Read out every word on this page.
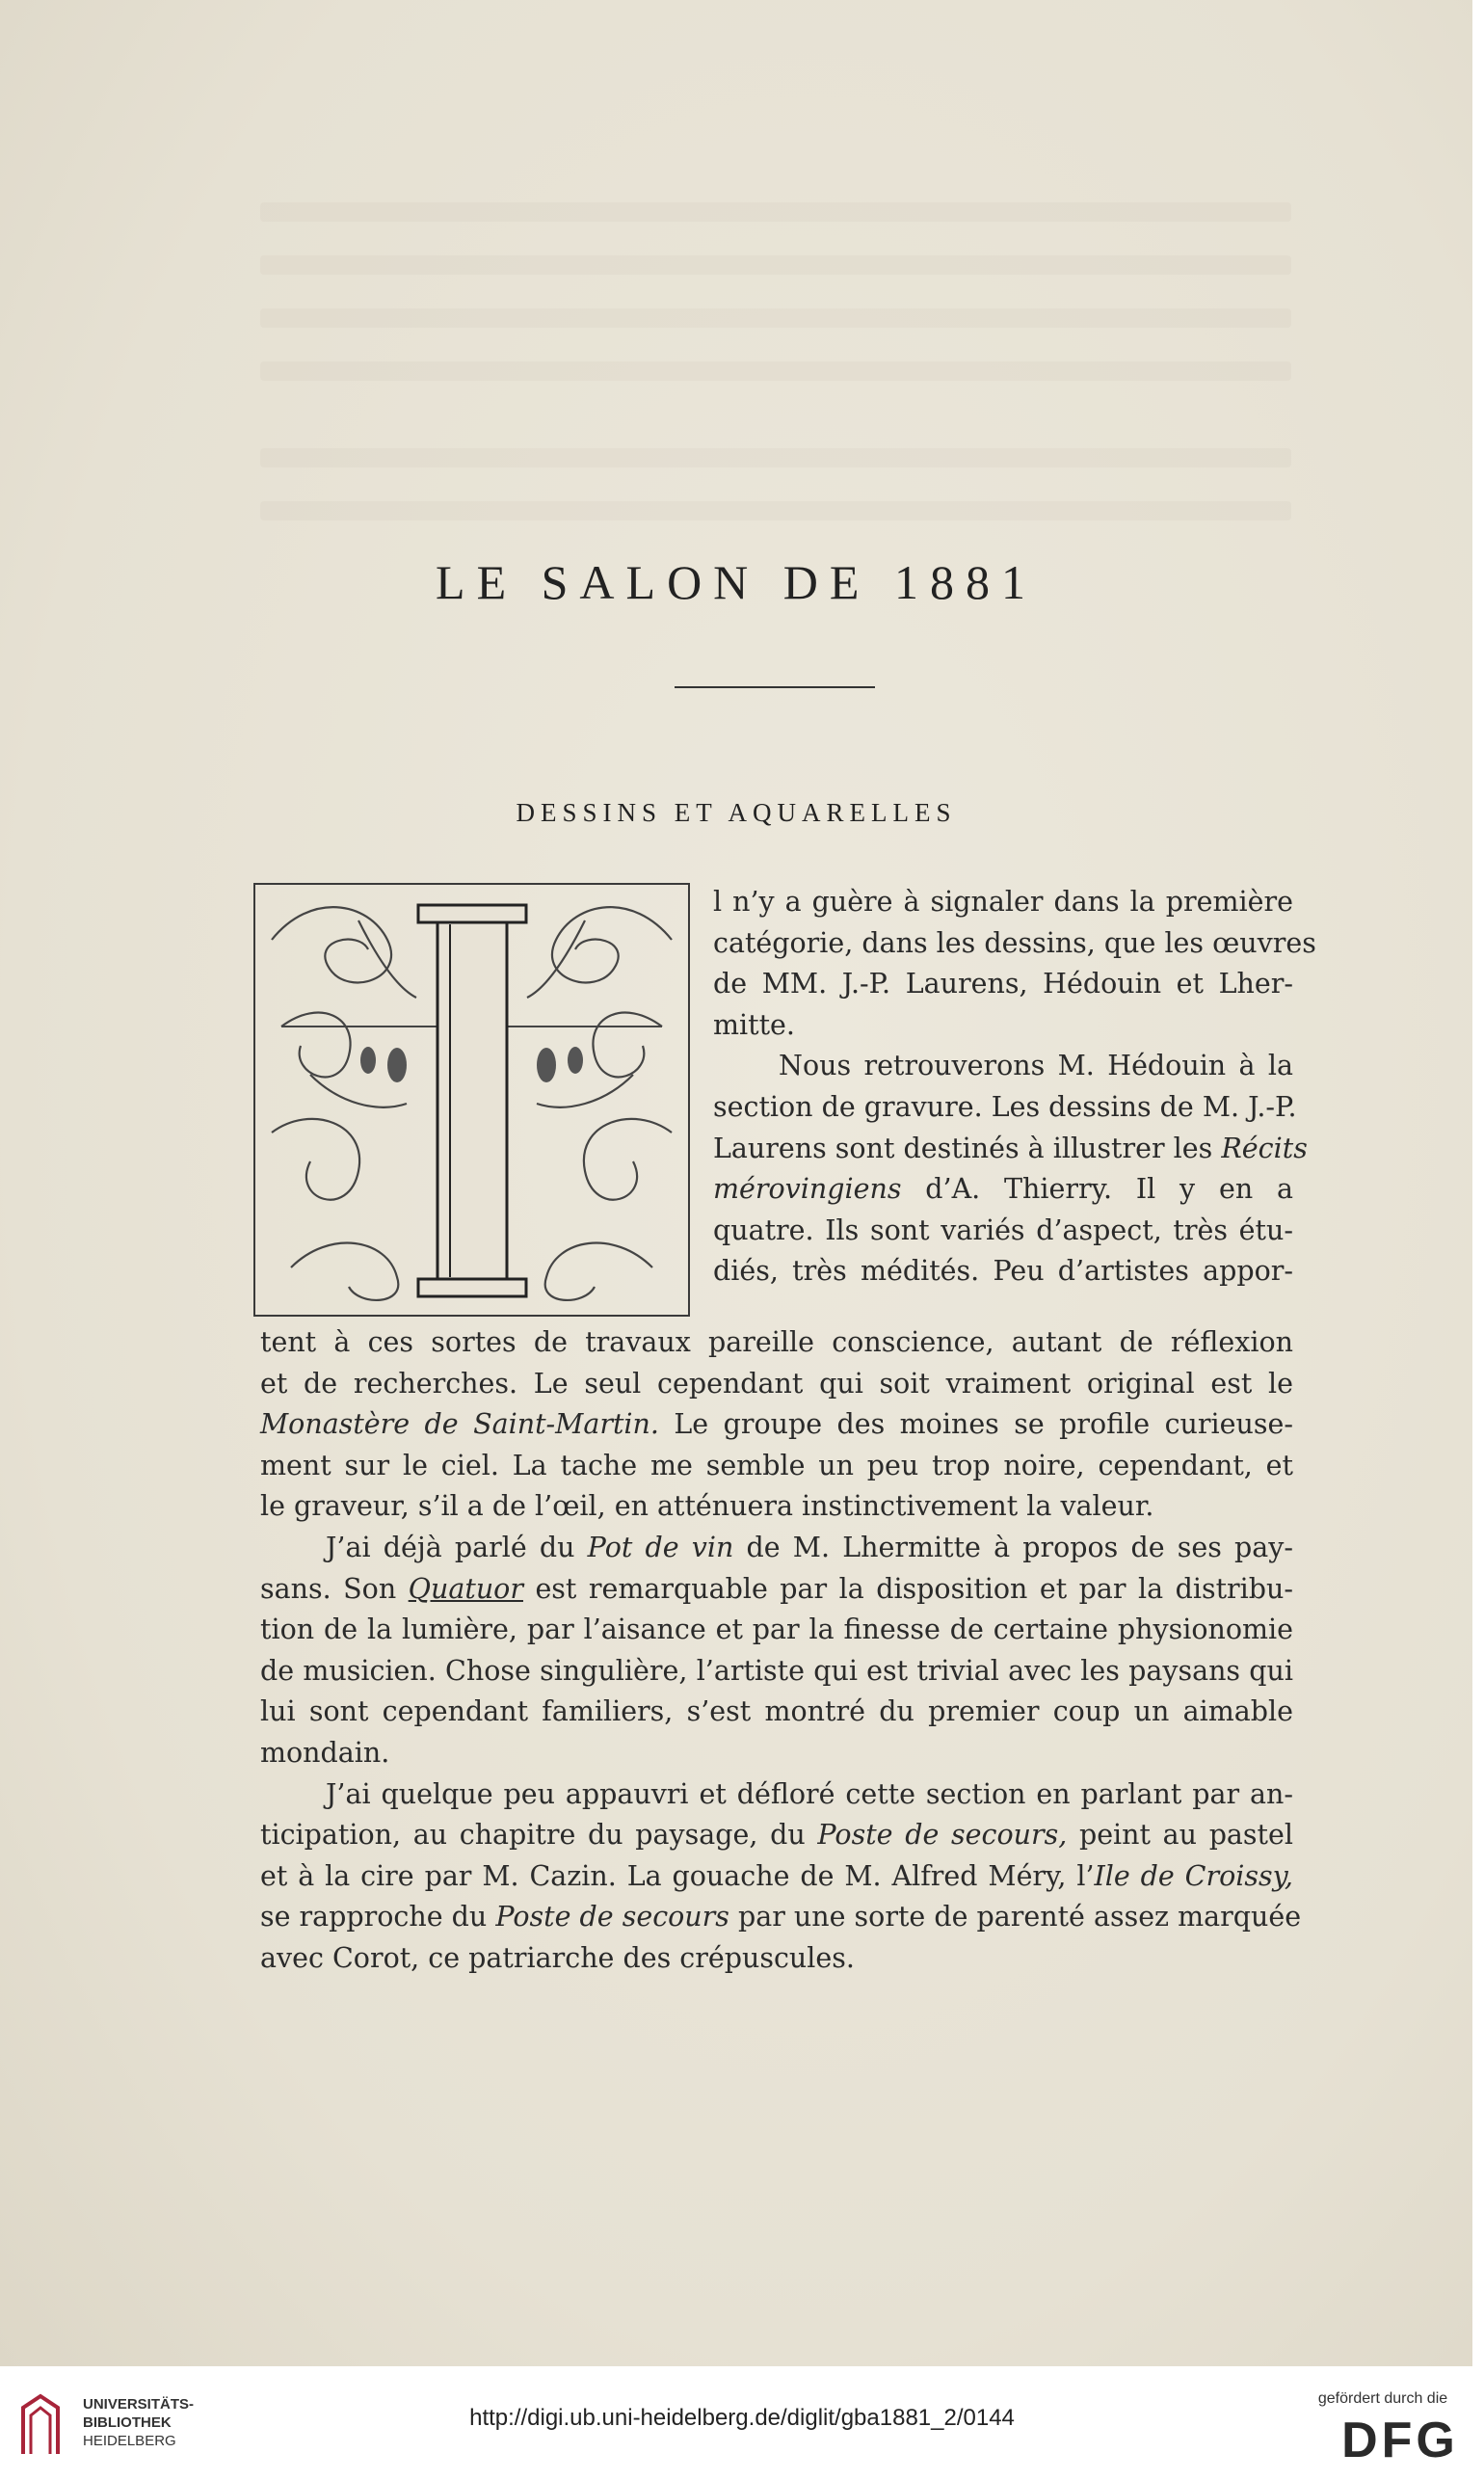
LE SALON DE 1881
DESSINS ET AQUARELLES
l n’y a guère à signaler dans la première
catégorie, dans les dessins, que les œuvres
de MM. J.-P. Laurens, Hédouin et Lher-
mitte.
Nous retrouverons M. Hédouin à la
section de gravure. Les dessins de M. J.-P.
Laurens sont destinés à illustrer les Récits
mérovingiens d’A. Thierry. Il y en a
quatre. Ils sont variés d’aspect, très étu-
diés, très médités. Peu d’artistes appor-
tent à ces sortes de travaux pareille conscience, autant de réflexion
et de recherches. Le seul cependant qui soit vraiment original est le
Monastère de Saint-Martin. Le groupe des moines se profile curieuse-
ment sur le ciel. La tache me semble un peu trop noire, cependant, et
le graveur, s’il a de l’œil, en atténuera instinctivement la valeur.
J’ai déjà parlé du Pot de vin de M. Lhermitte à propos de ses pay-
sans. Son Quatuor est remarquable par la disposition et par la distribu-
tion de la lumière, par l’aisance et par la finesse de certaine physionomie
de musicien. Chose singulière, l’artiste qui est trivial avec les paysans qui
lui sont cependant familiers, s’est montré du premier coup un aimable
mondain.
J’ai quelque peu appauvri et défloré cette section en parlant par an-
ticipation, au chapitre du paysage, du Poste de secours, peint au pastel
et à la cire par M. Cazin. La gouache de M. Alfred Méry, l’Ile de Croissy,
se rapproche du Poste de secours par une sorte de parenté assez marquée
avec Corot, ce patriarche des crépuscules.
UNIVERSITÄTS-
BIBLIOTHEK
HEIDELBERG
http://digi.ub.uni-heidelberg.de/diglit/gba1881_2/0144
gefördert durch die
DFG
